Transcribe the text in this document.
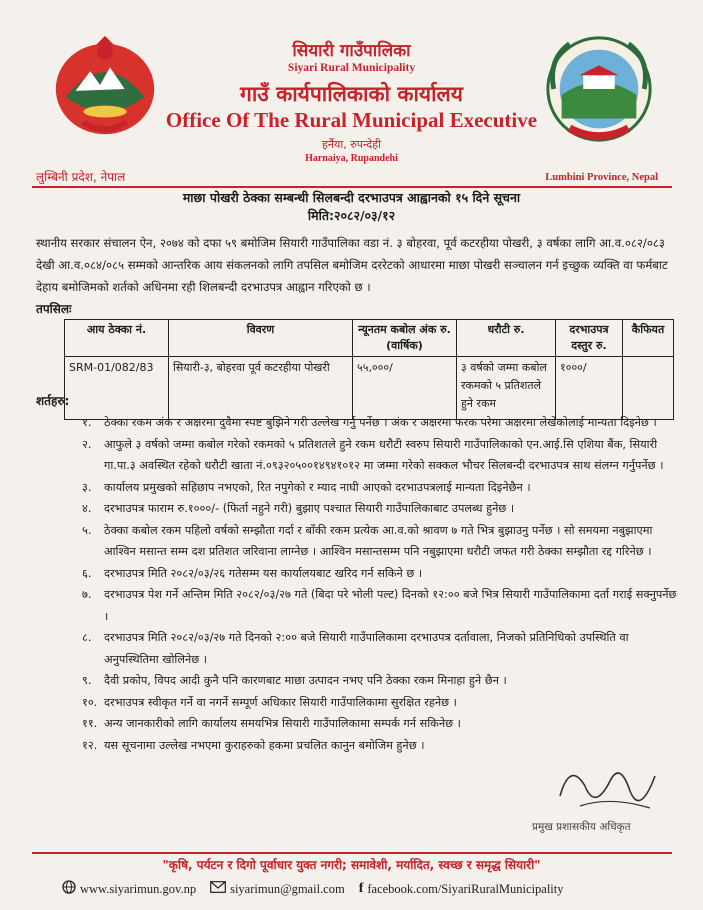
सियारी गाउँपालिका
Siyari Rural Municipality
गाउँ कार्यपालिकाको कार्यालय
Office Of The Rural Municipal Executive
हर्नैया, रुपन्देही
Harnaiya, Rupandehi
लुम्बिनी प्रदेश, नेपाल	Lumbini Province, Nepal
माछा पोखरी ठेक्का सम्बन्धी सिलबन्दी दरभाउपत्र आह्वानको १५ दिने सूचना
मिति:२०८२/०३/१२
स्थानीय सरकार संचालन ऐन, २०७४ को दफा ५९ बमोजिम सियारी गाउँपालिका वडा नं. ३ बोहरवा, पूर्व कटरहीया पोखरी, ३ वर्षका लागि आ.व.०८२/०८३ देखी आ.व.०८४/०८५ सम्मको आन्तरिक आय संकलनको लागि तपसिल बमोजिम दररेटको आधारमा माछा पोखरी सञ्चालन गर्न इच्छुक व्यक्ति वा फर्मबाट देहाय बमोजिमको शर्तको अधिनमा रही शिलबन्दी दरभाउपत्र आह्वान गरिएको छ ।
तपसिलः
आय ठेक्का नं.	विवरण	न्यूनतम कबोल अंक रु. (वार्षिक)	धरौटी रु.	दरभाउपत्र दस्तुर रु.	कैफियत
SRM-01/082/83	सियारी-३, बोहरवा पूर्व कटरहीया पोखरी	५५,०००/	३ वर्षको जम्मा कबोल रकमको ५ प्रतिशतले हुने रकम	१०००/	
शर्तहरु:
१.	ठेक्का रकम अंक र अक्षरमा दुवैमा स्पष्ट बुझिने गरी उल्लेख गर्नु पर्नेछ । अंक र अक्षरमा फरक परेमा अक्षरमा लेखेकोलाई मान्यता दिइनेछ ।
२.	आफुले ३ वर्षको जम्मा कबोल गरेको रकमको ५ प्रतिशतले हुने रकम धरौटी स्वरुप सियारी गाउँपालिकाको एन.आई.सि एशिया बैंक, सियारी गा.पा.३ अवस्थित रहेको धरौटी खाता नं.०९३२०५००१४९४१०१२ मा जम्मा गरेको सक्कल भौचर सिलबन्दी दरभाउपत्र साथ संलग्न गर्नुपर्नेछ ।
३.	कार्यालय प्रमुखको सहिछाप नभएको, रित नपुगेको र म्याद नाघी आएको दरभाउपत्रलाई मान्यता दिइनेछैन ।
४.	दरभाउपत्र फाराम रु.१०००/- (फिर्ता नहुने गरी) बुझाए पश्चात सियारी गाउँपालिकाबाट उपलब्ध हुनेछ ।
५.	ठेक्का कबोल रकम पहिलो वर्षको सम्झौता गर्दा र बाँकी रकम प्रत्येक आ.व.को श्रावण ७ गते भित्र बुझाउनु पर्नेछ । सो समयमा नबुझाएमा आश्विन मसान्त सम्म दश प्रतिशत जरिवाना लाग्नेछ । आश्विन मसान्तसम्म पनि नबुझाएमा धरौटी जफत गरी ठेक्का सम्झौता रद्द गरिनेछ ।
६.	दरभाउपत्र मिति २०८२/०३/२६ गतेसम्म यस कार्यालयबाट खरिद गर्न सकिने छ ।
७.	दरभाउपत्र पेश गर्ने अन्तिम मिति २०८२/०३/२७ गते (बिदा परे भोली पल्ट) दिनको १२:०० बजे भित्र सियारी गाउँपालिकामा दर्ता गराई सक्नुपर्नेछ ।
८.	दरभाउपत्र मिति २०८२/०३/२७ गते दिनको २:०० बजे सियारी गाउँपालिकामा दरभाउपत्र दर्तावाला, निजको प्रतिनिधिको उपस्थिति वा अनुपस्थितिमा खोलिनेछ ।
९.	दैवी प्रकोप, विपद आदी कुनै पनि कारणबाट माछा उत्पादन नभए पनि ठेक्का रकम मिनाहा हुने छैन ।
१०. दरभाउपत्र स्वीकृत गर्ने वा नगर्ने सम्पूर्ण अधिकार सियारी गाउँपालिकामा सुरक्षित रहनेछ ।
११. अन्य जानकारीको लागि कार्यालय समयभित्र सियारी गाउँपालिकामा सम्पर्क गर्न सकिनेछ ।
१२. यस सूचनामा उल्लेख नभएमा कुराहरुको हकमा प्रचलित कानुन बमोजिम हुनेछ ।
प्रमुख प्रशासकीय अधिकृत
"कृषि, पर्यटन र दिगो पूर्वाधार युक्त नगरी; समावेशी, मर्यादित, स्वच्छ र समृद्ध सियारी"
www.siyarimun.gov.np	siyarimun@gmail.com f facebook.com/SiyariRuralMunicipality
